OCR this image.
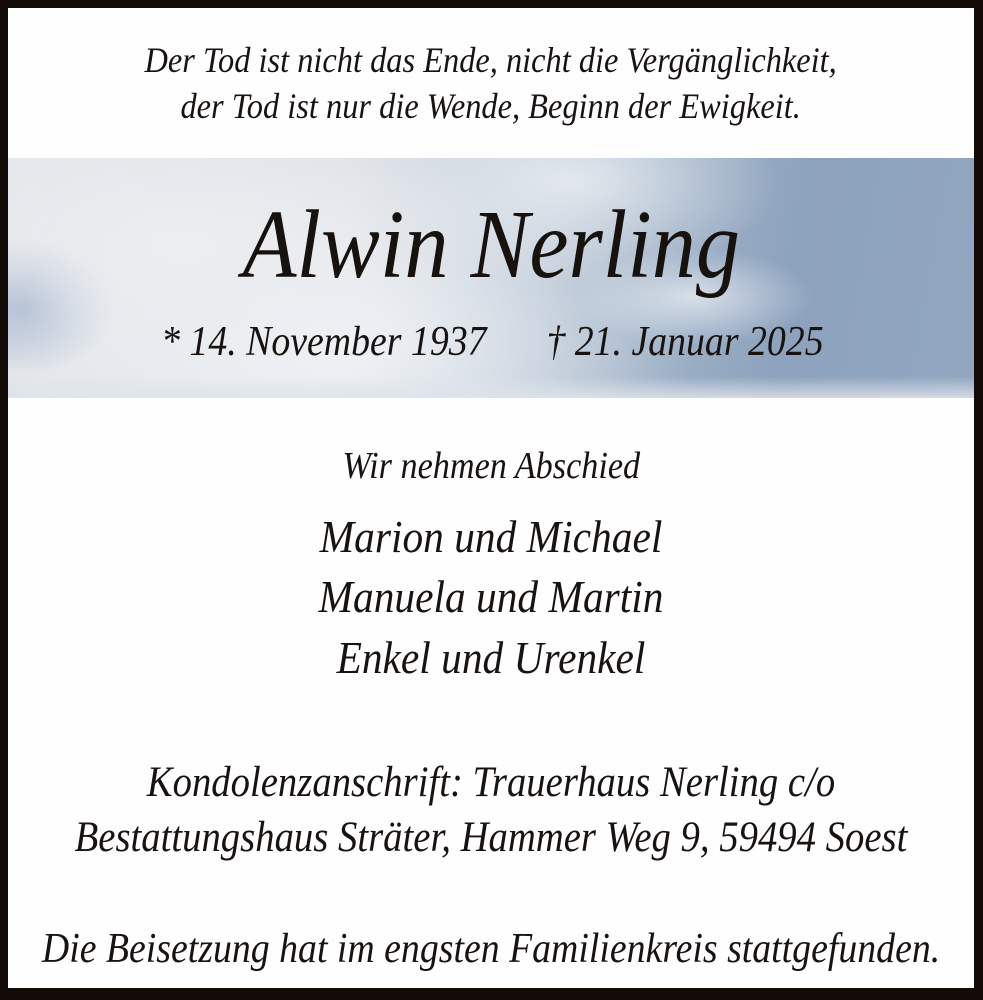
Der Tod ist nicht das Ende, nicht die Vergänglichkeit,
der Tod ist nur die Wende, Beginn der Ewigkeit.
Alwin Nerling
* 14. November 1937 † 21. Januar 2025
Wir nehmen Abschied
Marion und Michael
Manuela und Martin
Enkel und Urenkel
Kondolenzanschrift: Trauerhaus Nerling c/o
Bestattungshaus Sträter, Hammer Weg 9, 59494 Soest
Die Beisetzung hat im engsten Familienkreis stattgefunden.
